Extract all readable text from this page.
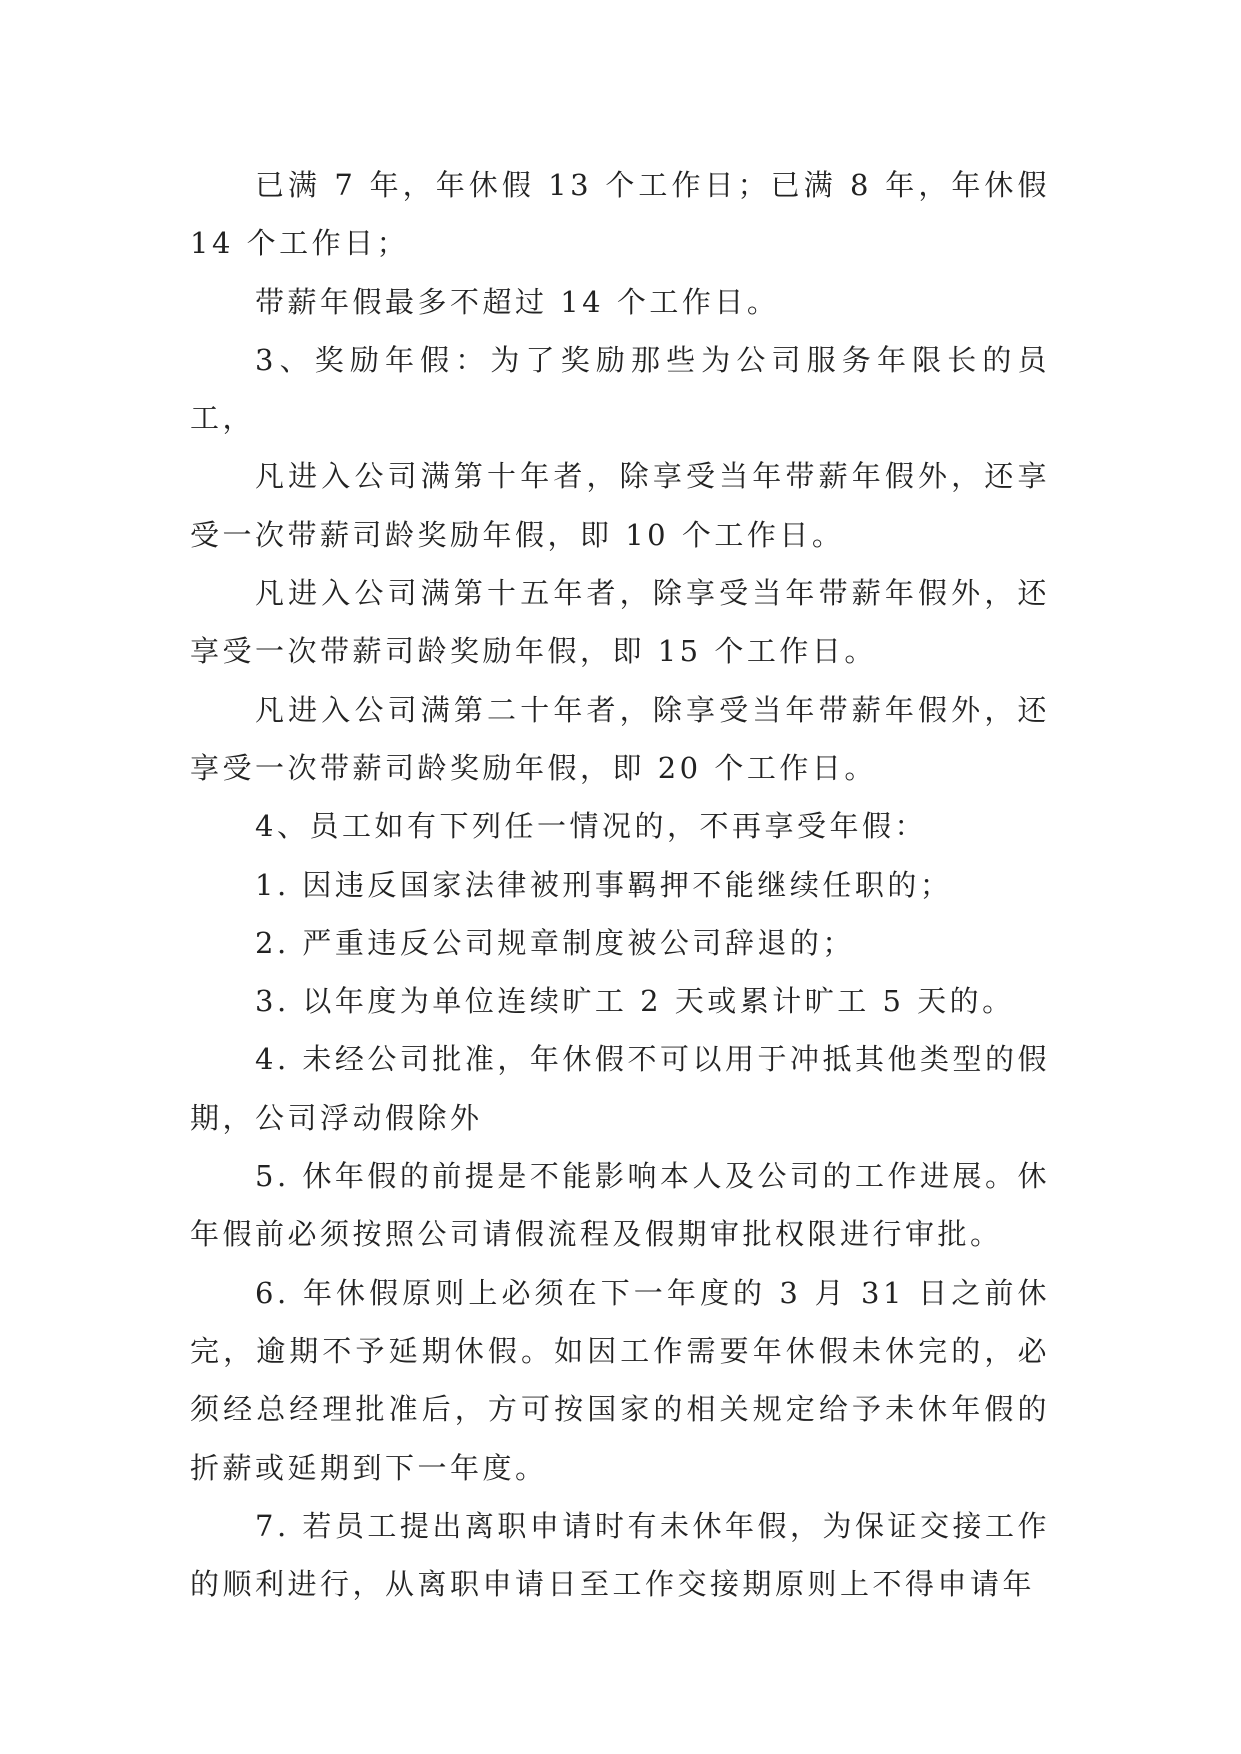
已满 7 年，年休假 13 个工作日；已满 8 年，年休假 14 个工作日；

带薪年假最多不超过 14 个工作日。

3、奖励年假：为了奖励那些为公司服务年限长的员工，

凡进入公司满第十年者，除享受当年带薪年假外，还享受一次带薪司龄奖励年假，即 10 个工作日。

凡进入公司满第十五年者，除享受当年带薪年假外，还享受一次带薪司龄奖励年假，即 15 个工作日。

凡进入公司满第二十年者，除享受当年带薪年假外，还享受一次带薪司龄奖励年假，即 20 个工作日。

4、员工如有下列任一情况的，不再享受年假：

1. 因违反国家法律被刑事羁押不能继续任职的；

2. 严重违反公司规章制度被公司辞退的；

3. 以年度为单位连续旷工 2 天或累计旷工 5 天的。

4. 未经公司批准，年休假不可以用于冲抵其他类型的假期，公司浮动假除外

5. 休年假的前提是不能影响本人及公司的工作进展。休年假前必须按照公司请假流程及假期审批权限进行审批。

6. 年休假原则上必须在下一年度的 3 月 31 日之前休完，逾期不予延期休假。如因工作需要年休假未休完的，必须经总经理批准后，方可按国家的相关规定给予未休年假的折薪或延期到下一年度。

7. 若员工提出离职申请时有未休年假，为保证交接工作的顺利进行，从离职申请日至工作交接期原则上不得申请年
